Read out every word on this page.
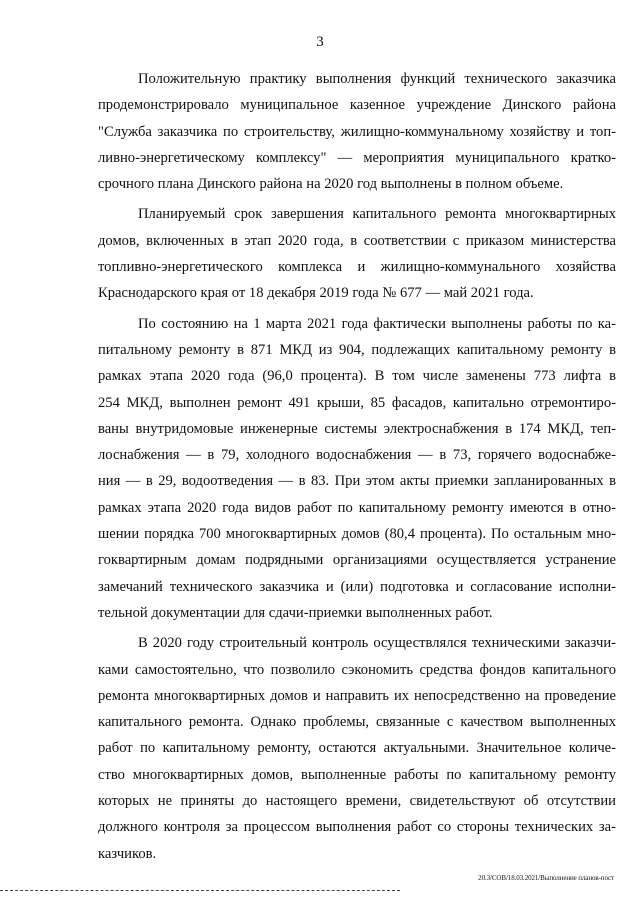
3
Положительную практику выполнения функций технического заказчика
продемонстрировало муниципальное казенное учреждение Динского района
"Служба заказчика по строительству, жилищно-коммунальному хозяйству и топ-
ливно-энергетическому комплексу" — мероприятия муниципального кратко-
срочного плана Динского района на 2020 год выполнены в полном объеме.
Планируемый срок завершения капитального ремонта многоквартирных
домов, включенных в этап 2020 года, в соответствии с приказом министерства
топливно-энергетического комплекса и жилищно-коммунального хозяйства
Краснодарского края от 18 декабря 2019 года № 677 — май 2021 года.
По состоянию на 1 марта 2021 года фактически выполнены работы по ка-
питальному ремонту в 871 МКД из 904, подлежащих капитальному ремонту в
рамках этапа 2020 года (96,0 процента). В том числе заменены 773 лифта в
254 МКД, выполнен ремонт 491 крыши, 85 фасадов, капитально отремонтиро-
ваны внутридомовые инженерные системы электроснабжения в 174 МКД, теп-
лоснабжения — в 79, холодного водоснабжения — в 73, горячего водоснабже-
ния — в 29, водоотведения — в 83. При этом акты приемки запланированных в
рамках этапа 2020 года видов работ по капитальному ремонту имеются в отно-
шении порядка 700 многоквартирных домов (80,4 процента). По остальным мно-
гоквартирным домам подрядными организациями осуществляется устранение
замечаний технического заказчика и (или) подготовка и согласование исполни-
тельной документации для сдачи-приемки выполненных работ.
В 2020 году строительный контроль осуществлялся техническими заказчи-
ками самостоятельно, что позволило сэкономить средства фондов капитального
ремонта многоквартирных домов и направить их непосредственно на проведение
капитального ремонта. Однако проблемы, связанные с качеством выполненных
работ по капитальному ремонту, остаются актуальными. Значительное количе-
ство многоквартирных домов, выполненные работы по капитальному ремонту
которых не приняты до настоящего времени, свидетельствуют об отсутствии
должного контроля за процессом выполнения работ со стороны технических за-
казчиков.
20.3/СОВ/18.03.2021/Выполнение планов-пост
